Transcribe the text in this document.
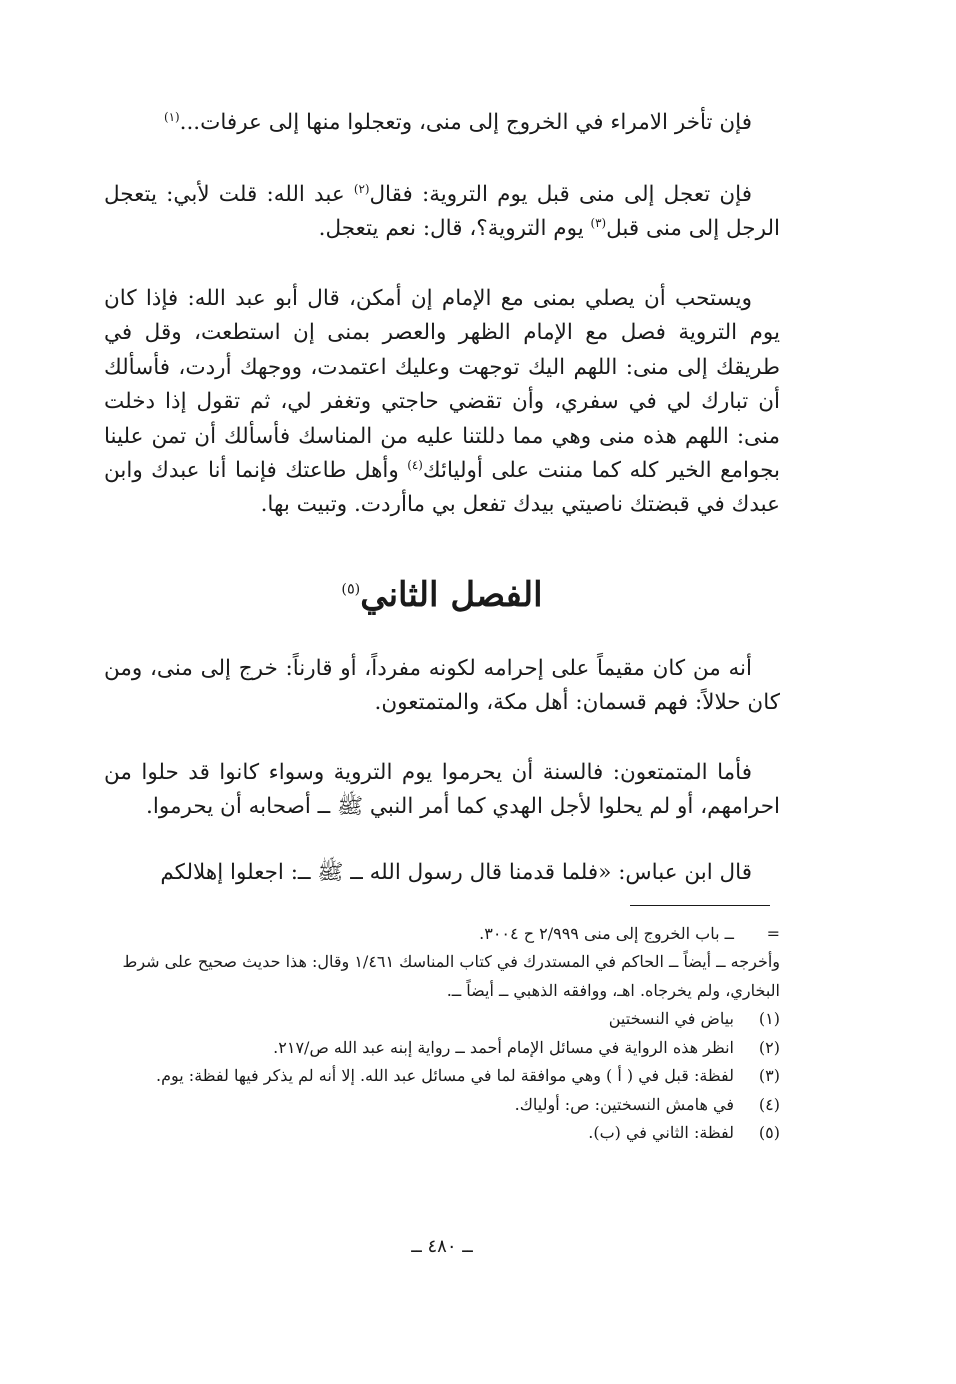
فإن تأخر الامراء في الخروج إلى منى، وتعجلوا منها إلى عرفات...$^{(١)}$

فإن تعجل إلى منى قبل يوم التروية: فقال$^{(٢)}$ عبد الله: قلت لأبي: يتعجل الرجل إلى منى قبل$^{(٣)}$ يوم التروية؟، قال: نعم يتعجل.

ويستحب أن يصلي بمنى مع الإمام إن أمكن، قال أبو عبد الله: فإذا كان يوم التروية فصل مع الإمام الظهر والعصر بمنى إن استطعت، وقل في طريقك إلى منى: اللهم اليك توجهت وعليك اعتمدت، ووجهك أردت، فأسألك أن تبارك لي في سفري، وأن تقضي حاجتي وتغفر لي، ثم تقول إذا دخلت منى: اللهم هذه منى وهي مما دللتنا عليه من المناسك فأسألك أن تمن علينا بجوامع الخير كله كما مننت على أوليائك$^{(٤)}$ وأهل طاعتك فإنما أنا عبدك وابن عبدك في قبضتك ناصيتي بيدك تفعل بي ماأردت. وتبيت بها.

الفصل الثاني$^{(٥)}$

أنه من كان مقيماً على إحرامه لكونه مفرداً، أو قارناً: خرج إلى منى، ومن كان حلالاً: فهم قسمان: أهل مكة، والمتمتعون.

فأما المتمتعون: فالسنة أن يحرموا يوم التروية وسواء كانوا قد حلوا من احرامهم، أو لم يحلوا لأجل الهدي كما أمر النبي ﷺ ــ أصحابه أن يحرموا.

قال ابن عباس: «فلما قدمنا قال رسول الله ــ ﷺ ــ: اجعلوا إهلالكم

=
ــ باب الخروج إلى منى ٢/٩٩٩ ح ٣٠٠٤.
وأخرجه ــ أيضاً ــ الحاكم في المستدرك في كتاب المناسك ١/٤٦١ وقال: هذا حديث صحيح على شرط البخاري، ولم يخرجاه. اهـ، ووافقه الذهبي ــ أيضاً ــ.
(١)
بياض في النسختين
(٢)
انظر هذه الرواية في مسائل الإمام أحمد ــ رواية إبنه عبد الله ص/٢١٧.
(٣)
لفظة: قبل في ( أ ) وهي موافقة لما في مسائل عبد الله. إلا أنه لم يذكر فيها لفظة: يوم.
(٤)
في هامش النسختين: ص: أولياك.
(٥)
لفظة: الثاني في (ب).
ــ ٤٨٠ ــ
